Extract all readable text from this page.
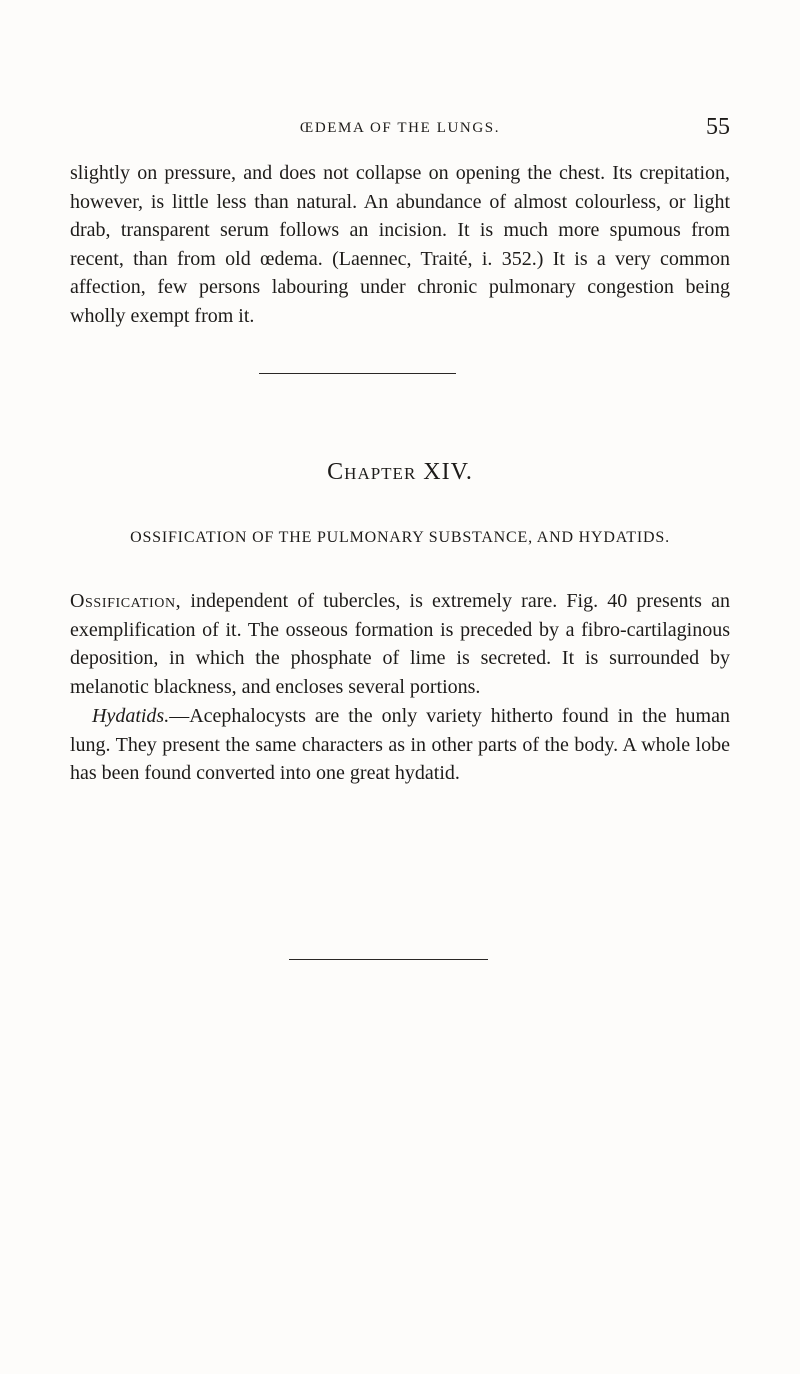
ŒDEMA OF THE LUNGS.	55

slightly on pressure, and does not collapse on opening the chest. Its crepitation, however, is little less than natural. An abundance of almost colourless, or light drab, transparent serum follows an incision. It is much more spumous from recent, than from old œdema. (Laennec, Traité, i. 352.) It is a very common affection, few persons labouring under chronic pulmonary congestion being wholly exempt from it.

Chapter XIV.
OSSIFICATION OF THE PULMONARY SUBSTANCE, AND HYDATIDS.

Ossification, independent of tubercles, is extremely rare. Fig. 40 presents an exemplification of it. The osseous formation is preceded by a fibro-cartilaginous deposition, in which the phosphate of lime is secreted. It is surrounded by melanotic blackness, and encloses several portions.

Hydatids.—Acephalocysts are the only variety hitherto found in the human lung. They present the same characters as in other parts of the body. A whole lobe has been found converted into one great hydatid.
